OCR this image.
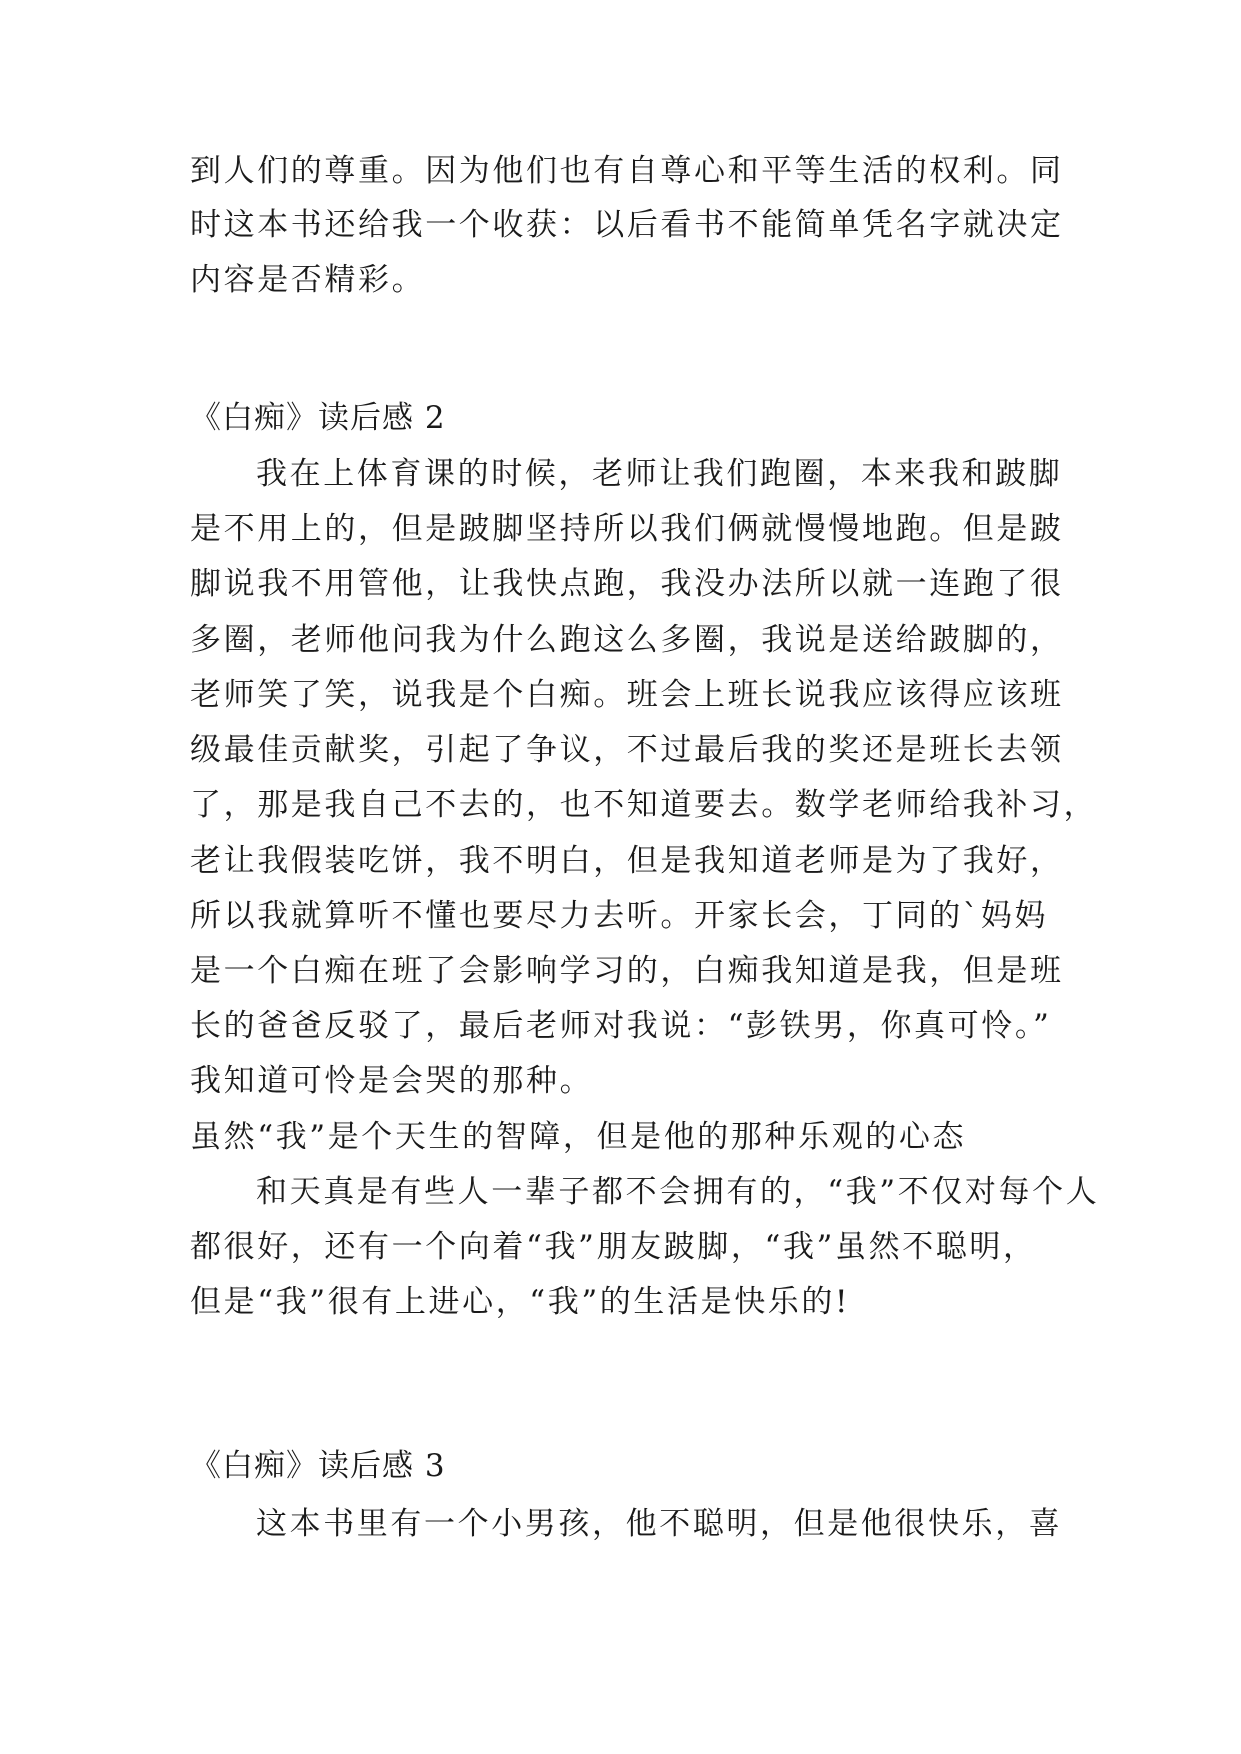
到人们的尊重。因为他们也有自尊心和平等生活的权利。同
时这本书还给我一个收获：以后看书不能简单凭名字就决定
内容是否精彩。
《白痴》读后感 2
我在上体育课的时候，老师让我们跑圈，本来我和跛脚
是不用上的，但是跛脚坚持所以我们俩就慢慢地跑。但是跛
脚说我不用管他，让我快点跑，我没办法所以就一连跑了很
多圈，老师他问我为什么跑这么多圈，我说是送给跛脚的，
老师笑了笑，说我是个白痴。班会上班长说我应该得应该班
级最佳贡献奖，引起了争议，不过最后我的奖还是班长去领
了，那是我自己不去的，也不知道要去。数学老师给我补习，
老让我假装吃饼，我不明白，但是我知道老师是为了我好，
所以我就算听不懂也要尽力去听。开家长会，丁同的`妈妈
是一个白痴在班了会影响学习的，白痴我知道是我，但是班
长的爸爸反驳了，最后老师对我说：“彭铁男，你真可怜。”
我知道可怜是会哭的那种。
虽然“我”是个天生的智障，但是他的那种乐观的心态
和天真是有些人一辈子都不会拥有的，“我”不仅对每个人
都很好，还有一个向着“我”朋友跛脚，“我”虽然不聪明，
但是“我”很有上进心，“我”的生活是快乐的!
《白痴》读后感 3
这本书里有一个小男孩，他不聪明，但是他很快乐，喜
